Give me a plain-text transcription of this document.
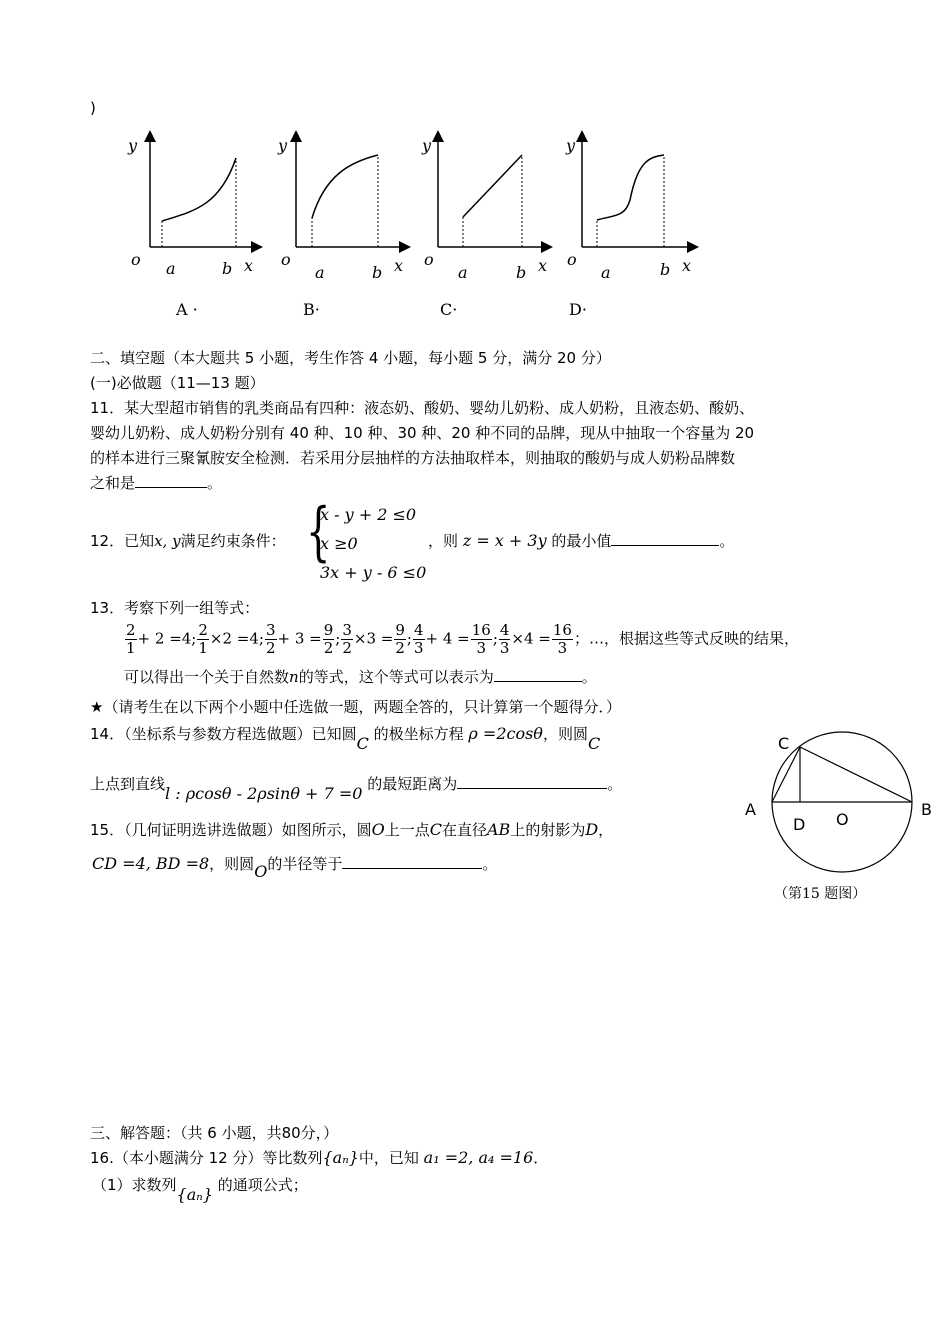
)
y	y	y	y
o a	b x o
a	b x o
a	b x o
a	b x
A ·	B·	C·	D·
二、填空题（本大题共 5 小题，考生作答 4 小题，每小题 5 分，满分 20 分）
(一)必做题（11—13 题）
11．某大型超市销售的乳类商品有四种：液态奶、酸奶、婴幼儿奶粉、成人奶粉，且液态奶、酸奶、
婴幼儿奶粉、成人奶粉分别有 40 种、10 种、30 种、20 种不同的品牌，现从中抽取一个容量为 20
的样本进行三聚氰胺安全检测．若采用分层抽样的方法抽取样本，则抽取的酸奶与成人奶粉品牌数
之和是	。
12．已知x, y满足约束条件： {
x - y + 2 ≤0
x ≥0
3x + y - 6 ≤0
，则 z = x + 3y 的最小值	。
13．考察下列一组等式：
$\frac{2}{1} + 2 =4$; $\frac{2}{1} \times 2 =4$; $\frac{3}{2} + 3 = \frac{9}{2}$ ; $\frac{3}{2} \times 3 = \frac{9}{2}$ ; $\frac{4}{3} + 4 = \frac{16}{3}$ ; $\frac{4}{3} \times 4 = \frac{16}{3}$ ；…，根据这些等式反映的结果，
可以得出一个关于自然数n的等式，这个等式可以表示为	。
★（请考生在以下两个小题中任选做一题，两题全答的，只计算第一个题得分．）
14．（坐标系与参数方程选做题）已知圆C 的极坐标方程 ρ =2cosθ，则圆C
上点到直线l : ρcosθ - 2ρsinθ + 7 =0 的最短距离为	。
15．（几何证明选讲选做题）如图所示，圆O上一点C在直径AB上的射影为D，
CD =4, BD =8，则圆O的半径等于	。
C
A	B
D O
（第15 题图）
三、解答题：（共 6 小题，共80分，）
16.（本小题满分 12 分）等比数列{aₙ}中，已知 a₁ =2, a₄ =16．
（1）求数列{aₙ} 的通项公式；
